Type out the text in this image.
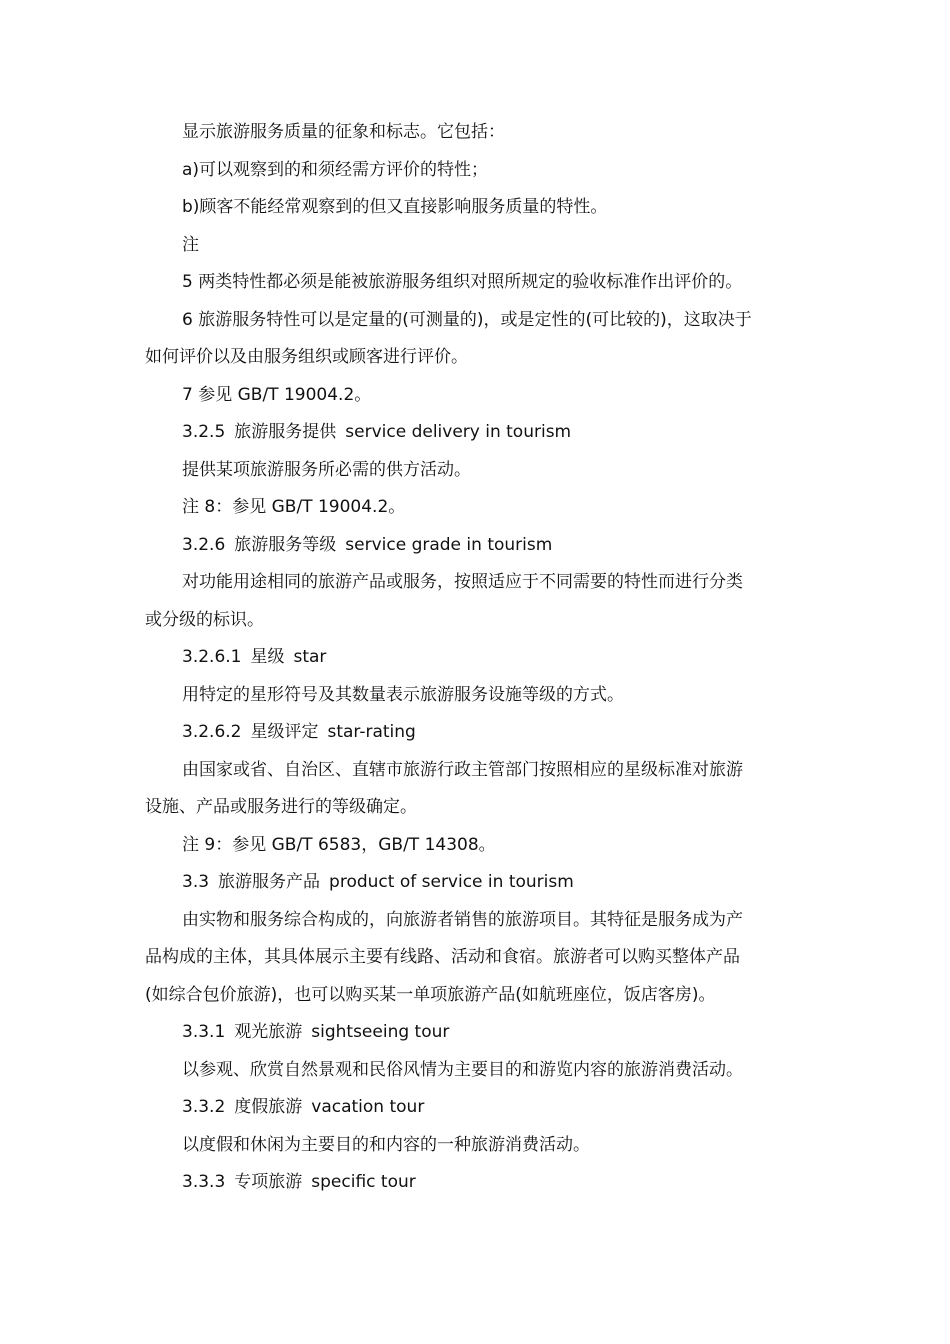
显示旅游服务质量的征象和标志。它包括：
a)可以观察到的和须经需方评价的特性；
b)顾客不能经常观察到的但又直接影响服务质量的特性。
注
5 两类特性都必须是能被旅游服务组织对照所规定的验收标准作出评价的。
6 旅游服务特性可以是定量的(可测量的)，或是定性的(可比较的)，这取决于
如何评价以及由服务组织或顾客进行评价。
7 参见 GB/T 19004.2。
3.2.5 旅游服务提供 service delivery in tourism
提供某项旅游服务所必需的供方活动。
注 8：参见 GB/T 19004.2。
3.2.6 旅游服务等级 service grade in tourism
对功能用途相同的旅游产品或服务，按照适应于不同需要的特性而进行分类
或分级的标识。
3.2.6.1 星级 star
用特定的星形符号及其数量表示旅游服务设施等级的方式。
3.2.6.2 星级评定 star-rating
由国家或省、自治区、直辖市旅游行政主管部门按照相应的星级标准对旅游
设施、产品或服务进行的等级确定。
注 9：参见 GB/T 6583，GB/T 14308。
3.3 旅游服务产品 product of service in tourism
由实物和服务综合构成的，向旅游者销售的旅游项目。其特征是服务成为产
品构成的主体，其具体展示主要有线路、活动和食宿。旅游者可以购买整体产品
(如综合包价旅游)，也可以购买某一单项旅游产品(如航班座位，饭店客房)。
3.3.1 观光旅游 sightseeing tour
以参观、欣赏自然景观和民俗风情为主要目的和游览内容的旅游消费活动。
3.3.2 度假旅游 vacation tour
以度假和休闲为主要目的和内容的一种旅游消费活动。
3.3.3 专项旅游 specific tour
